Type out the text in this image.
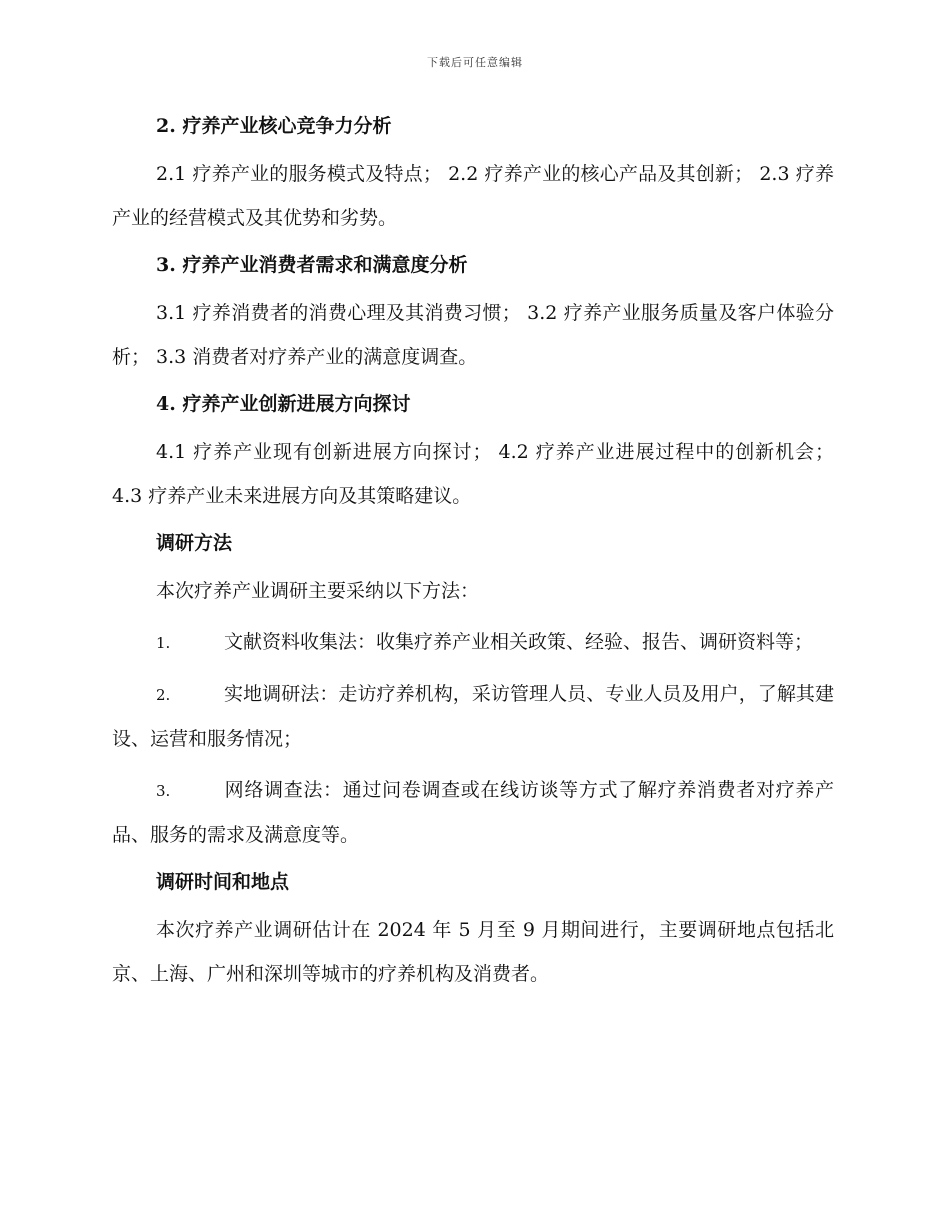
下载后可任意编辑
2. 疗养产业核心竞争力分析
2.1 疗养产业的服务模式及特点； 2.2 疗养产业的核心产品及其创新； 2.3 疗养产业的经营模式及其优势和劣势。
3. 疗养产业消费者需求和满意度分析
3.1 疗养消费者的消费心理及其消费习惯； 3.2 疗养产业服务质量及客户体验分析； 3.3 消费者对疗养产业的满意度调查。
4. 疗养产业创新进展方向探讨
4.1 疗养产业现有创新进展方向探讨； 4.2 疗养产业进展过程中的创新机会； 4.3 疗养产业未来进展方向及其策略建议。
调研方法
本次疗养产业调研主要采纳以下方法：
1.	文献资料收集法：收集疗养产业相关政策、经验、报告、调研资料等；
2.	实地调研法：走访疗养机构，采访管理人员、专业人员及用户，了解其建设、运营和服务情况；
3.	网络调查法：通过问卷调查或在线访谈等方式了解疗养消费者对疗养产品、服务的需求及满意度等。
调研时间和地点
本次疗养产业调研估计在 2024 年 5 月至 9 月期间进行，主要调研地点包括北京、上海、广州和深圳等城市的疗养机构及消费者。
